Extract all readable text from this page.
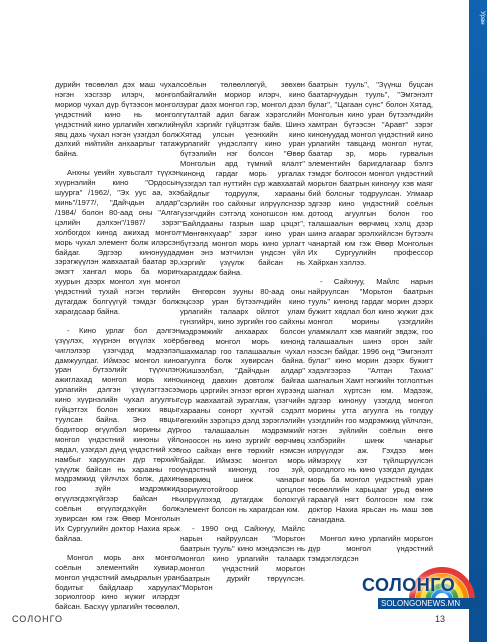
Уран

дурийн төсөөлөл дэх маш чухал нэгэн хэсгээр илэрч, монгол мориор чухал дүр бүтээсон монгол үндэстний кино нь монгол үндэстний кино урлагийн хөгжлийн явц дахь чухал нэгэн үзэгдэл болж дэлхий нийтийн анхаарлыг татаж байна.

Анхны үеийн хувьсгалт түүхэн хүүрнэлийн кино "Ордосын шуурга" /1962/, "Эх уус аа, эхэ минь"/1977/, "Дайчдын алдар" /1984/ болон 80-аад оны "Алгаг цэлийн дэлхэн"/1987/ зэрэг холбогдох кинод ажихад монгол морь чухал элемент болж илэрсэн байдаг. Эдгээр кинонуудад зэрэгжүүлэн жавхаатай баатар эр, эмэгт хангал морь ба морин хуурын дээрх монгол хүн монгол үндэстний тухай нэгэн төрлийн дүтагдаж болгүүгүй тэмдэг болж харагдсаар байна.

- Кино урлаг бол дэлгэн үзүүлэх, хүүрнэн өгүүлэх хоёр чиглэлээр үзэгчдэд мэдээлэл дамжуулдаг. Иймээс монгол кино уран бүтээлийг түүхчлэн ажиглахад монгол морь кино урлагийн дэлгэн үзүүлэгтээсээ кино хүүрнэлийн чухал агуулгыг гүйцэтгэх болон хөгжих явцыг туулсан байна. Энэ явцыг бодитоор өгүүлбэл морины дүр монгол үндэстний киноны үйл явдал, үзэгдэл дүнд үндэстний хэв намбыг харуулсан дүр төрхийг үзүүлж байсан нь харааны гоо мэдрэмжид үйлчлэх болж, дахин гоо зүйн мэдрэмжид өгүүлэгдэхгүйгээр байсан нь соёлын өгүүлэгдэхүйн болж хувирсан юм гэж Өвөр Монголын Их Сургуулийн доктор Нахиа ярьж байлаа.

Монгол морь анх монгол соёлын элементийн хувиар, монгол үндэстний амьдралын уран бодитыг байдлаар харуулах зориолгоор кино жүжиг илэрдэг байсан. Басхүү урлагийн төсөөлөл,

соёлын төлөөллөгүй, зөвхөн байгалийн мориор илэрч, кино зураг даэх монгол гэр, монгол дээл гүталтай адил багаж хэрэгслийн үйл хэргийг гүйцэтгэж байв. Шинэ Хятад улсын үеэнхийн кино урлагийг үндэслэлгү кино уран бүтээлийн нэг болсон "Өвөр Монголын ард түмний ялалт" кинонд гардаг морь ургалах үзэгдэл тал нуттийн сүр жавхаатай байдлыг тодруулж, харааны сэрлийн гоо сайхныг илрүүлснээр үзэгчдийн сэтгэлд хоногшсон юм. "Байлдааны газрын шар цэцэг", "Мөнгөнхүаар" зэрэг кино уран бүтээлд монгол морь кино урлагт мөн энэ мэтчилэн үндсэн үйл хэргийг үзүүлж байсан нь харагддаж байна.

Өнгөрсөн зууны 80-аад оны эцсээр уран бүтээлчдийн кино урлагийн талаарх ойлгот улам гүнзгийрч, кино зургийн гоо сайхны мэдрэмжийг анхаарах болсон бөгөөд монгол морь кинонд шахмалар гоо талашаалын чухал агуулга болж хувирсан байна. Жишээлбэл, "Дайчдын алдар" кинонд давхин довтолж байгаа морь цэргийн эгнээг өргөн хүрээнд сүр жавхаатай зураглаж, үзэгчийн харааны сонорт хүчтэй сэдэлт өгөхийн зэрэгцээ дэлд зэрэглэлийн гоо талашаалын мэдрэмжийг оноосон нь кино зургийг өөрчмөц гоо сайхан өнгө төрхийг нэмсэн байдаг. Иймээс монгол морь үндэстний кинонуд гоо зүй, өвөрмөц шинж чанарыг зориулготойгоор цогцлон илрүүлэхэд дутагдаж болохгүй элемент болсон нь харагдсан юм.

- 1990 онд Сайхнуу, Майлс нарын найруулсан "Морьтон баатрын тууль" кино мэндэлсэн нь монгол кино урлагийн талаарх монгол үндэстний морьтон баатрын дурийг төрүүлсэн. "Морьтон

баатрын тууль", "Зүүнш буцсан баатарчуудын тууль", "Эмгэнэлт булаг", "Цагаан сүнс" болон Хятад, Монголын кино уран бүтээлчдийн хамтран бүтээсэн "Аравт" зэрэг кинонуудад монгол үндэстний кино урлагийн тавцанд монгол нутаг, баатар эр, морь гурвалын элементийн баригдлагаар бэлгэ тэмдэг болгосон монгол үндэстний морьтон баатрын кинонуу хэв маяг бий болсныг тодруулсан. Улмаар эдгээр кино үндэстний соёлын дотоод агуулгын болон гоо талашаалын өөрчмөц хэлц дээр шинэ агаараг эрэлхийлсэн бүтээлч чанартай юм гэж Өвөр Монголын Их Сургуулийн профессор Хайрхан хэллээ.

- Сайхнуу, Майлс нарын найруулсан "Морьтон баатрын тууль" кинонд гардаг морин дээрх бужигт хядлал бол кино жүжиг дэх монгол морины үзэгдлийн уламжлалт хэв маягийг эвдэж, гоо талашаалын шинэ орон зайг нээсэн байдаг. 1996 онд "Эмгэнэлт булаг" кино морин дээрх бужигт хэдэлгээрээ "Алтан Тахиа" шагналын Хамт нэгжийн тоглолтын шагнал хүртсэн юм. Мэдээж, эдгээр кинонуу үзэгдлд монгол морины утга агуулга нь голдуу үзэгдлийн гоо мэдрэмжид үйлчлэн, нэгэн зүйлийн соёлын өнгө хэлбэрийн шинж чанарыг илрүүлдэг аж. Гэхдээ мөн иймэрхүү хэт түйлшрүүлсэн оролдлого нь кино үзэгдэл дундах морь ба монгол үндэстний уран төсөөллийн харьцааг урьд өмнө гараагүй нягт болгосон юм гэж доктор Нахиа ярьсан нь маш зөв санагдана.

Монгол кино урлагийн морьтон дүр монгол үндэстний тэмдэглэгдсэн

СОЛОНГО	13
СОЛОНГО
SOLONGONEWS.MN
